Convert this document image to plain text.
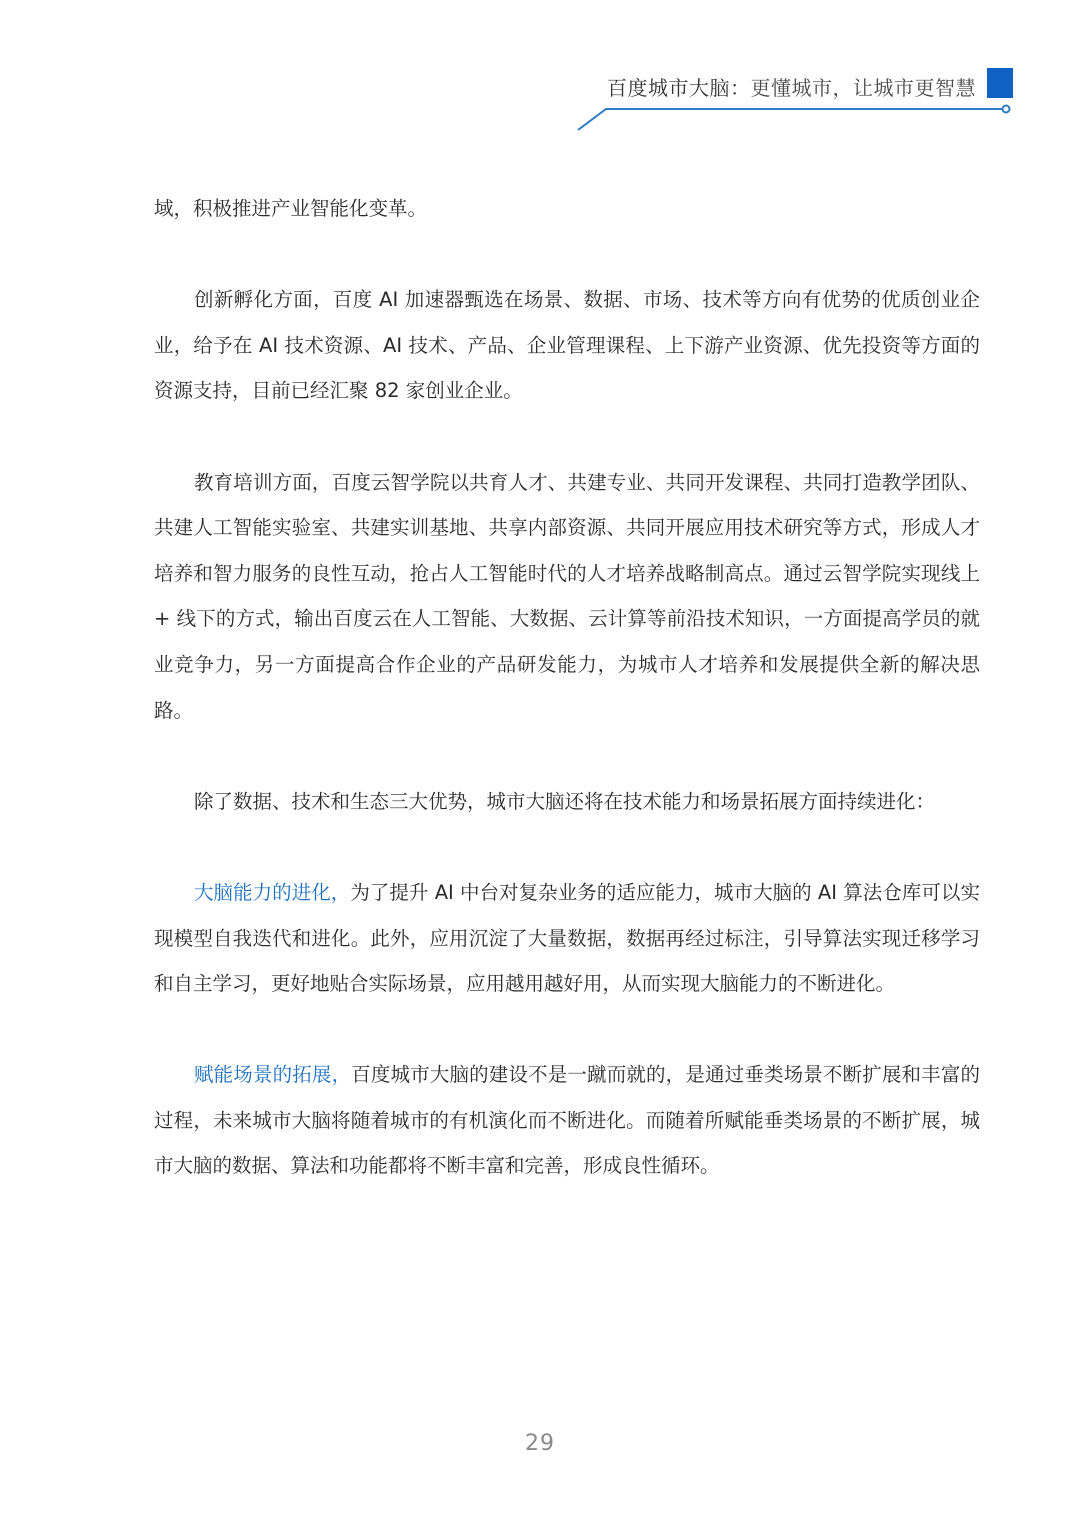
百度城市大脑：更懂城市，让城市更智慧

域，积极推进产业智能化变革。

创新孵化方面，百度 AI 加速器甄选在场景、数据、市场、技术等方向有优势的优质创业企业，给予在 AI 技术资源、AI 技术、产品、企业管理课程、上下游产业资源、优先投资等方面的资源支持，目前已经汇聚 82 家创业企业。

教育培训方面，百度云智学院以共育人才、共建专业、共同开发课程、共同打造教学团队、共建人工智能实验室、共建实训基地、共享内部资源、共同开展应用技术研究等方式，形成人才培养和智力服务的良性互动，抢占人工智能时代的人才培养战略制高点。通过云智学院实现线上 + 线下的方式，输出百度云在人工智能、大数据、云计算等前沿技术知识，一方面提高学员的就业竞争力，另一方面提高合作企业的产品研发能力，为城市人才培养和发展提供全新的解决思路。

除了数据、技术和生态三大优势，城市大脑还将在技术能力和场景拓展方面持续进化：

大脑能力的进化，为了提升 AI 中台对复杂业务的适应能力，城市大脑的 AI 算法仓库可以实现模型自我迭代和进化。此外，应用沉淀了大量数据，数据再经过标注，引导算法实现迁移学习和自主学习，更好地贴合实际场景，应用越用越好用，从而实现大脑能力的不断进化。

赋能场景的拓展，百度城市大脑的建设不是一蹴而就的，是通过垂类场景不断扩展和丰富的过程，未来城市大脑将随着城市的有机演化而不断进化。而随着所赋能垂类场景的不断扩展，城市大脑的数据、算法和功能都将不断丰富和完善，形成良性循环。

29
